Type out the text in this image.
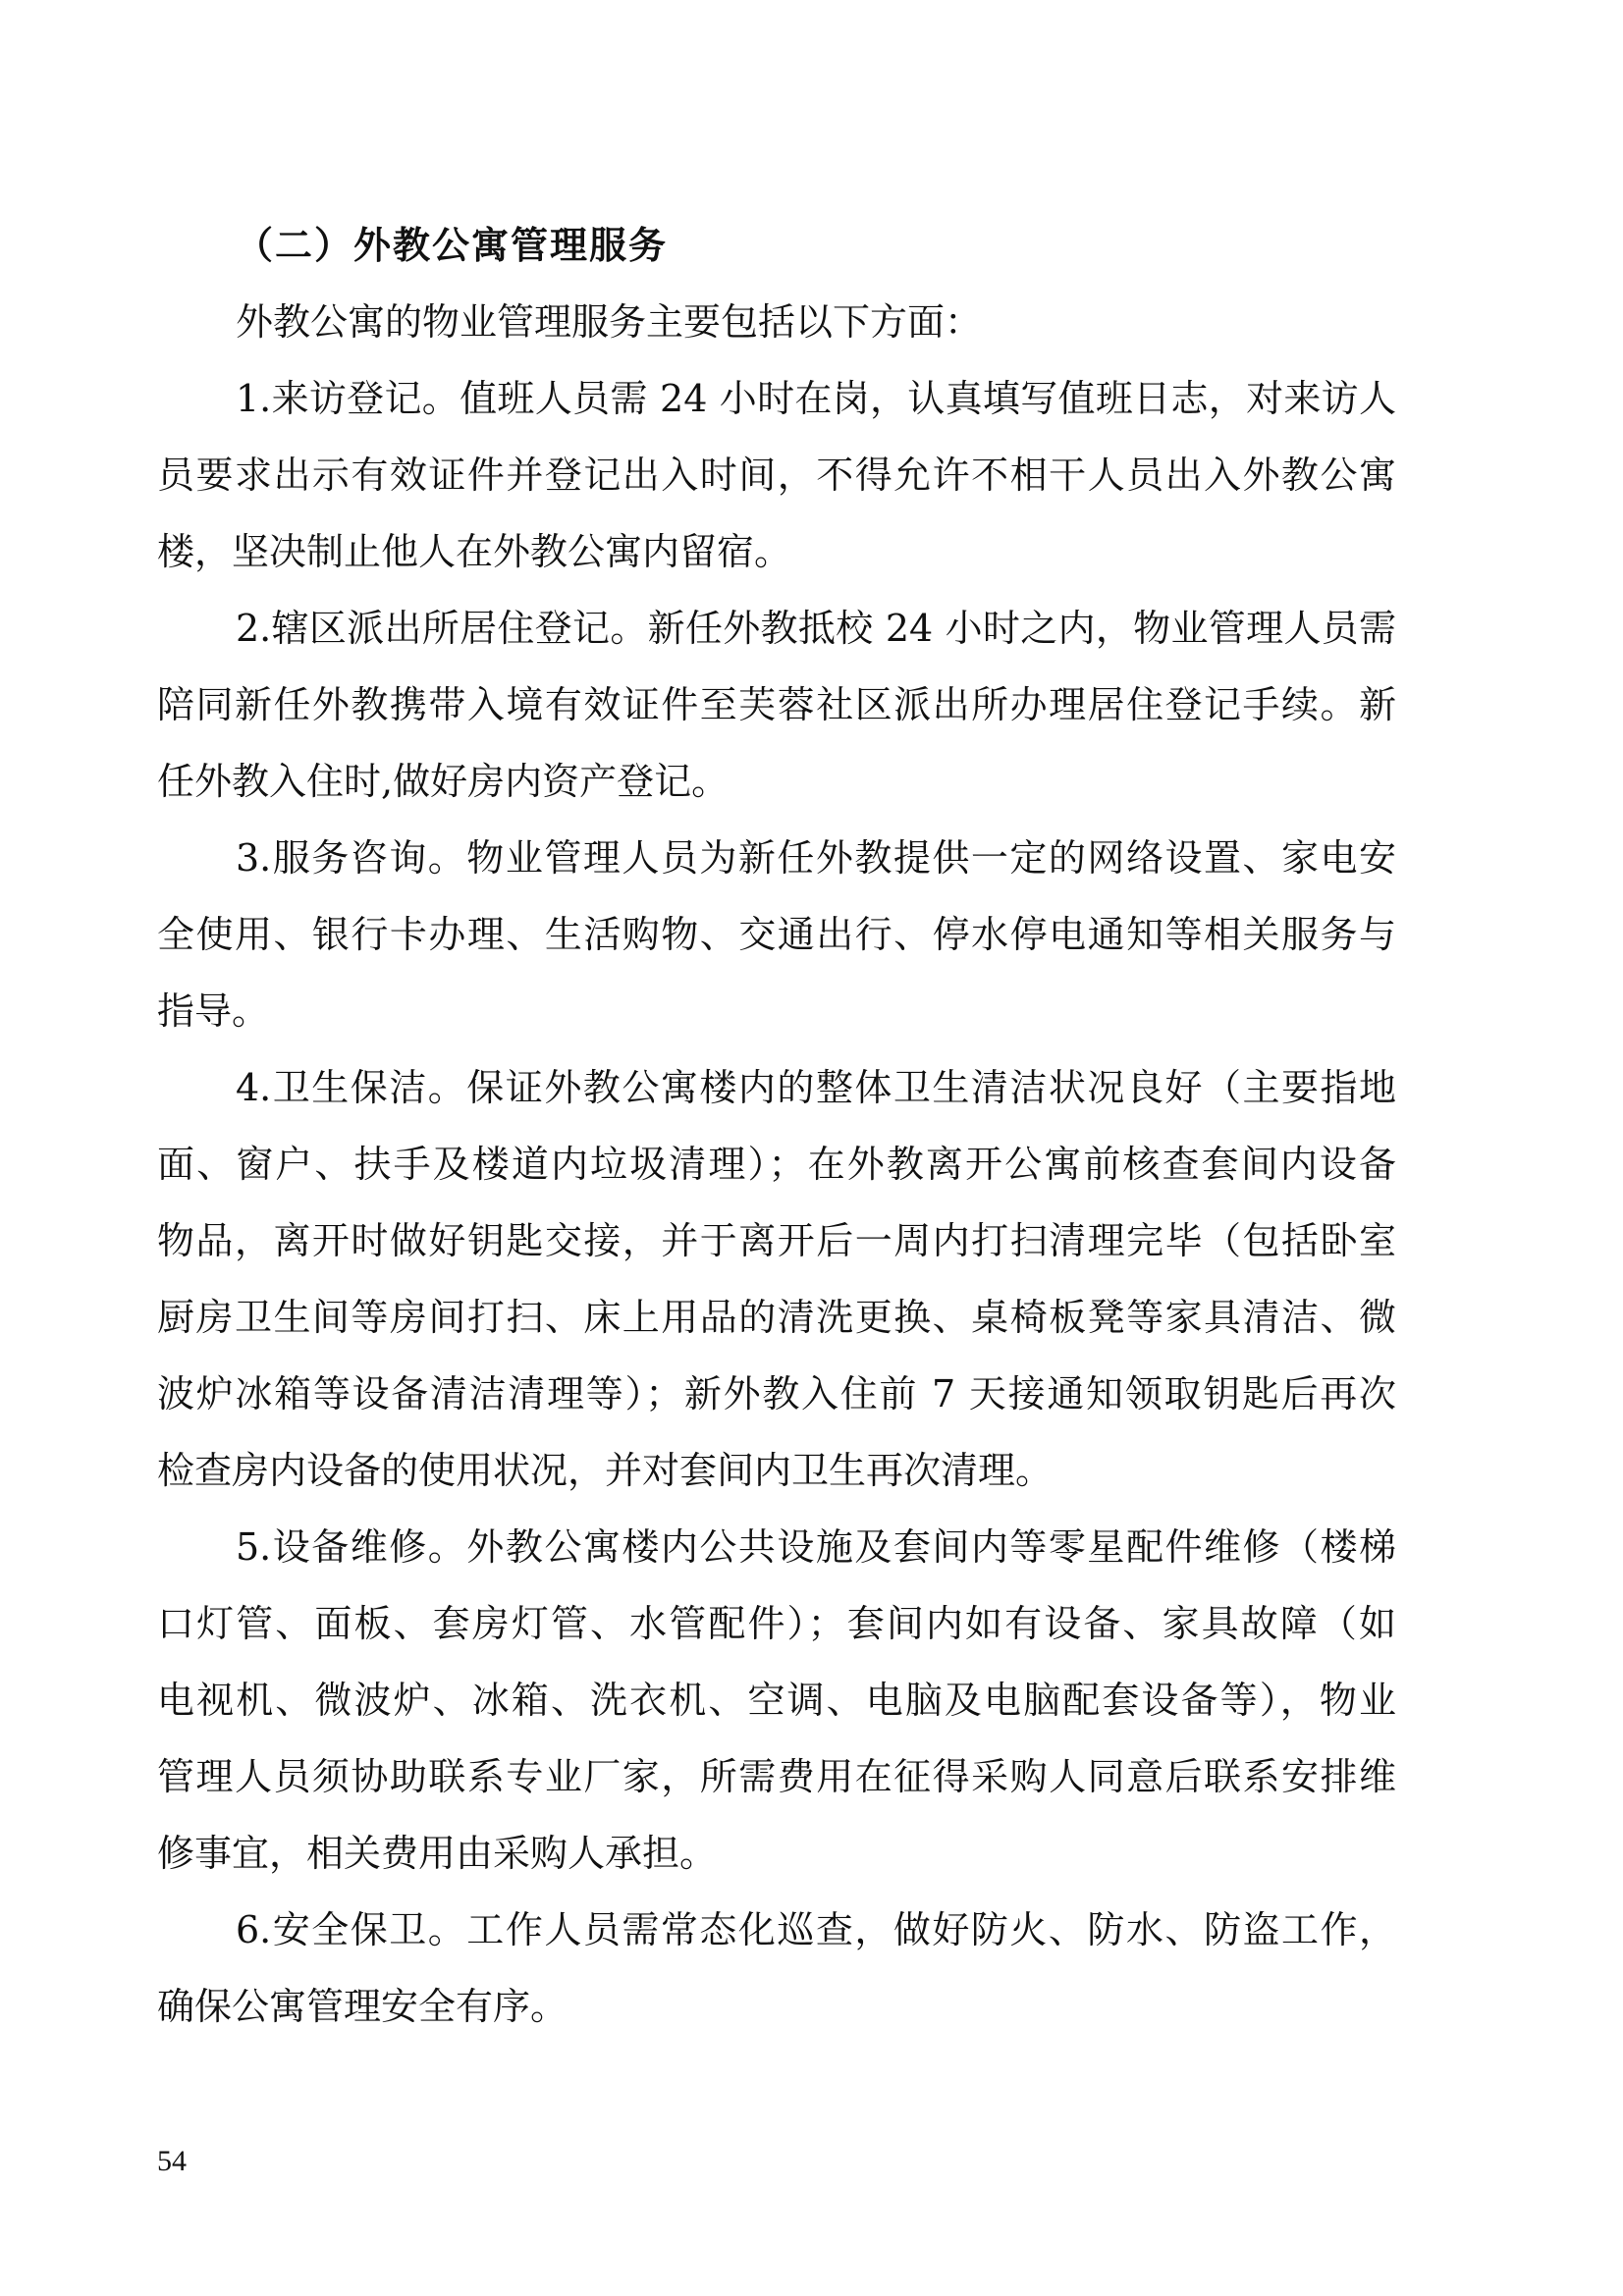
（二）外教公寓管理服务
外教公寓的物业管理服务主要包括以下方面：
1.来访登记。值班人员需 24 小时在岗，认真填写值班日志，对来访人
员要求出示有效证件并登记出入时间，不得允许不相干人员出入外教公寓
楼，坚决制止他人在外教公寓内留宿。
2.辖区派出所居住登记。新任外教抵校 24 小时之内，物业管理人员需
陪同新任外教携带入境有效证件至芙蓉社区派出所办理居住登记手续。新
任外教入住时,做好房内资产登记。
3.服务咨询。物业管理人员为新任外教提供一定的网络设置、家电安
全使用、银行卡办理、生活购物、交通出行、停水停电通知等相关服务与
指导。
4.卫生保洁。保证外教公寓楼内的整体卫生清洁状况良好（主要指地
面、窗户、扶手及楼道内垃圾清理）；在外教离开公寓前核查套间内设备
物品，离开时做好钥匙交接，并于离开后一周内打扫清理完毕（包括卧室
厨房卫生间等房间打扫、床上用品的清洗更换、桌椅板凳等家具清洁、微
波炉冰箱等设备清洁清理等）；新外教入住前 7 天接通知领取钥匙后再次
检查房内设备的使用状况，并对套间内卫生再次清理。
5.设备维修。外教公寓楼内公共设施及套间内等零星配件维修（楼梯
口灯管、面板、套房灯管、水管配件）；套间内如有设备、家具故障（如
电视机、微波炉、冰箱、洗衣机、空调、电脑及电脑配套设备等），物业
管理人员须协助联系专业厂家，所需费用在征得采购人同意后联系安排维
修事宜，相关费用由采购人承担。
6.安全保卫。工作人员需常态化巡查，做好防火、防水、防盗工作，
确保公寓管理安全有序。
54
